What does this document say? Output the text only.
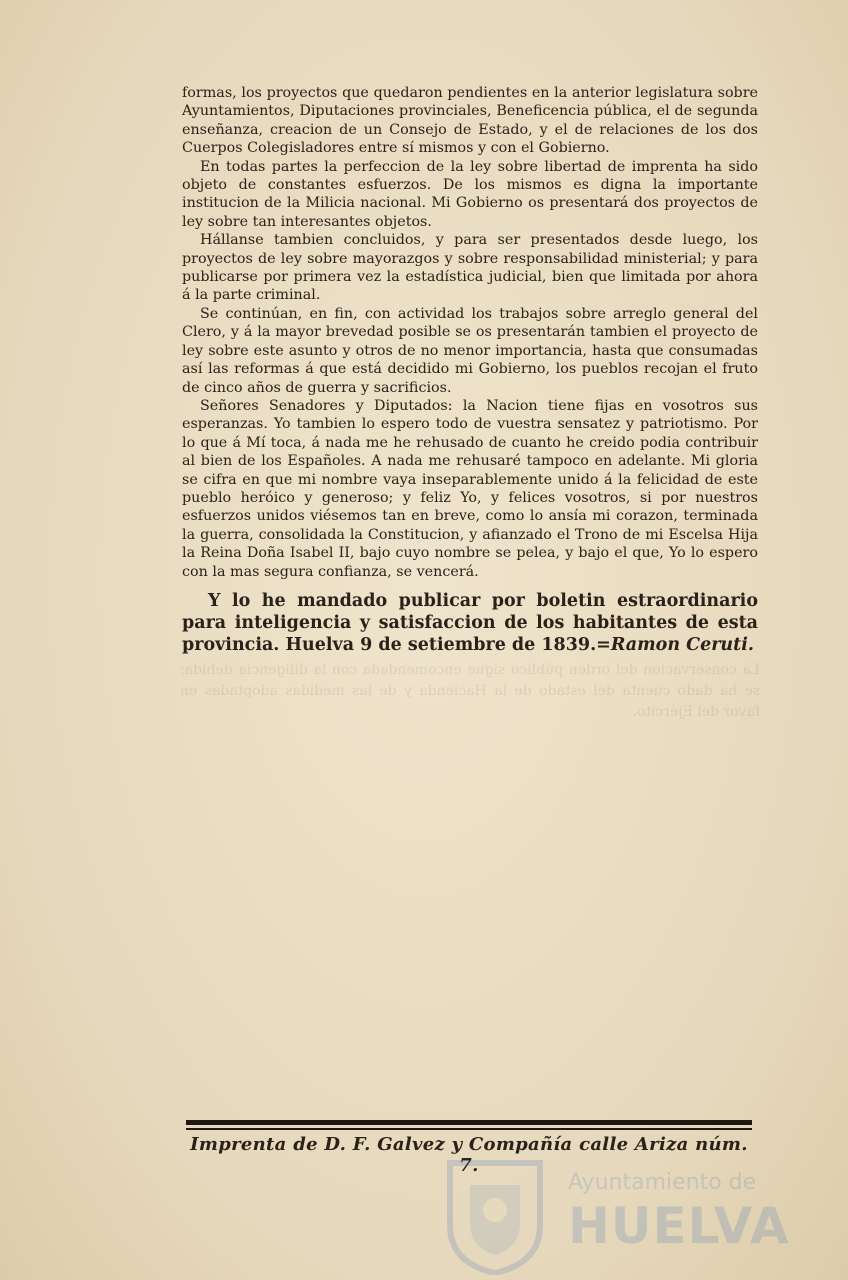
La conservacion del orden público sigue encomendada con la diligencia debida; se ha dado cuenta del estado de la Hacienda y de las medidas adoptadas en favor del Ejército.

formas, los proyectos que quedaron pendientes en la anterior legislatura sobre Ayuntamientos, Diputaciones provinciales, Beneficencia pública, el de segunda enseñanza, creacion de un Consejo de Estado, y el de relaciones de los dos Cuerpos Colegisladores entre sí mismos y con el Gobierno.

En todas partes la perfeccion de la ley sobre libertad de imprenta ha sido objeto de constantes esfuerzos. De los mismos es digna la importante institucion de la Milicia nacional. Mi Gobierno os presentará dos proyectos de ley sobre tan interesantes objetos.

Hállanse tambien concluidos, y para ser presentados desde luego, los proyectos de ley sobre mayorazgos y sobre responsabilidad ministerial; y para publicarse por primera vez la estadística judicial, bien que limitada por ahora á la parte criminal.

Se continúan, en fin, con actividad los trabajos sobre arreglo general del Clero, y á la mayor brevedad posible se os presentarán tambien el proyecto de ley sobre este asunto y otros de no menor importancia, hasta que consumadas así las reformas á que está decidido mi Gobierno, los pueblos recojan el fruto de cinco años de guerra y sacrificios.

Señores Senadores y Diputados: la Nacion tiene fijas en vosotros sus esperanzas. Yo tambien lo espero todo de vuestra sensatez y patriotismo. Por lo que á Mí toca, á nada me he rehusado de cuanto he creido podia contribuir al bien de los Españoles. A nada me rehusaré tampoco en adelante. Mi gloria se cifra en que mi nombre vaya inseparablemente unido á la felicidad de este pueblo heróico y generoso; y feliz Yo, y felices vosotros, si por nuestros esfuerzos unidos viésemos tan en breve, como lo ansía mi corazon, terminada la guerra, consolidada la Constitucion, y afianzado el Trono de mi Escelsa Hija la Reina Doña Isabel II, bajo cuyo nombre se pelea, y bajo el que, Yo lo espero con la mas segura confianza, se vencerá.

Y lo he mandado publicar por boletin estraordinario para inteligencia y satisfaccion de los habitantes de esta provincia. Huelva 9 de setiembre de 1839.=Ramon Ceruti.
Imprenta de D. F. Galvez y Compañía calle Ariza núm. 7.
Ayuntamiento de
HUELVA
